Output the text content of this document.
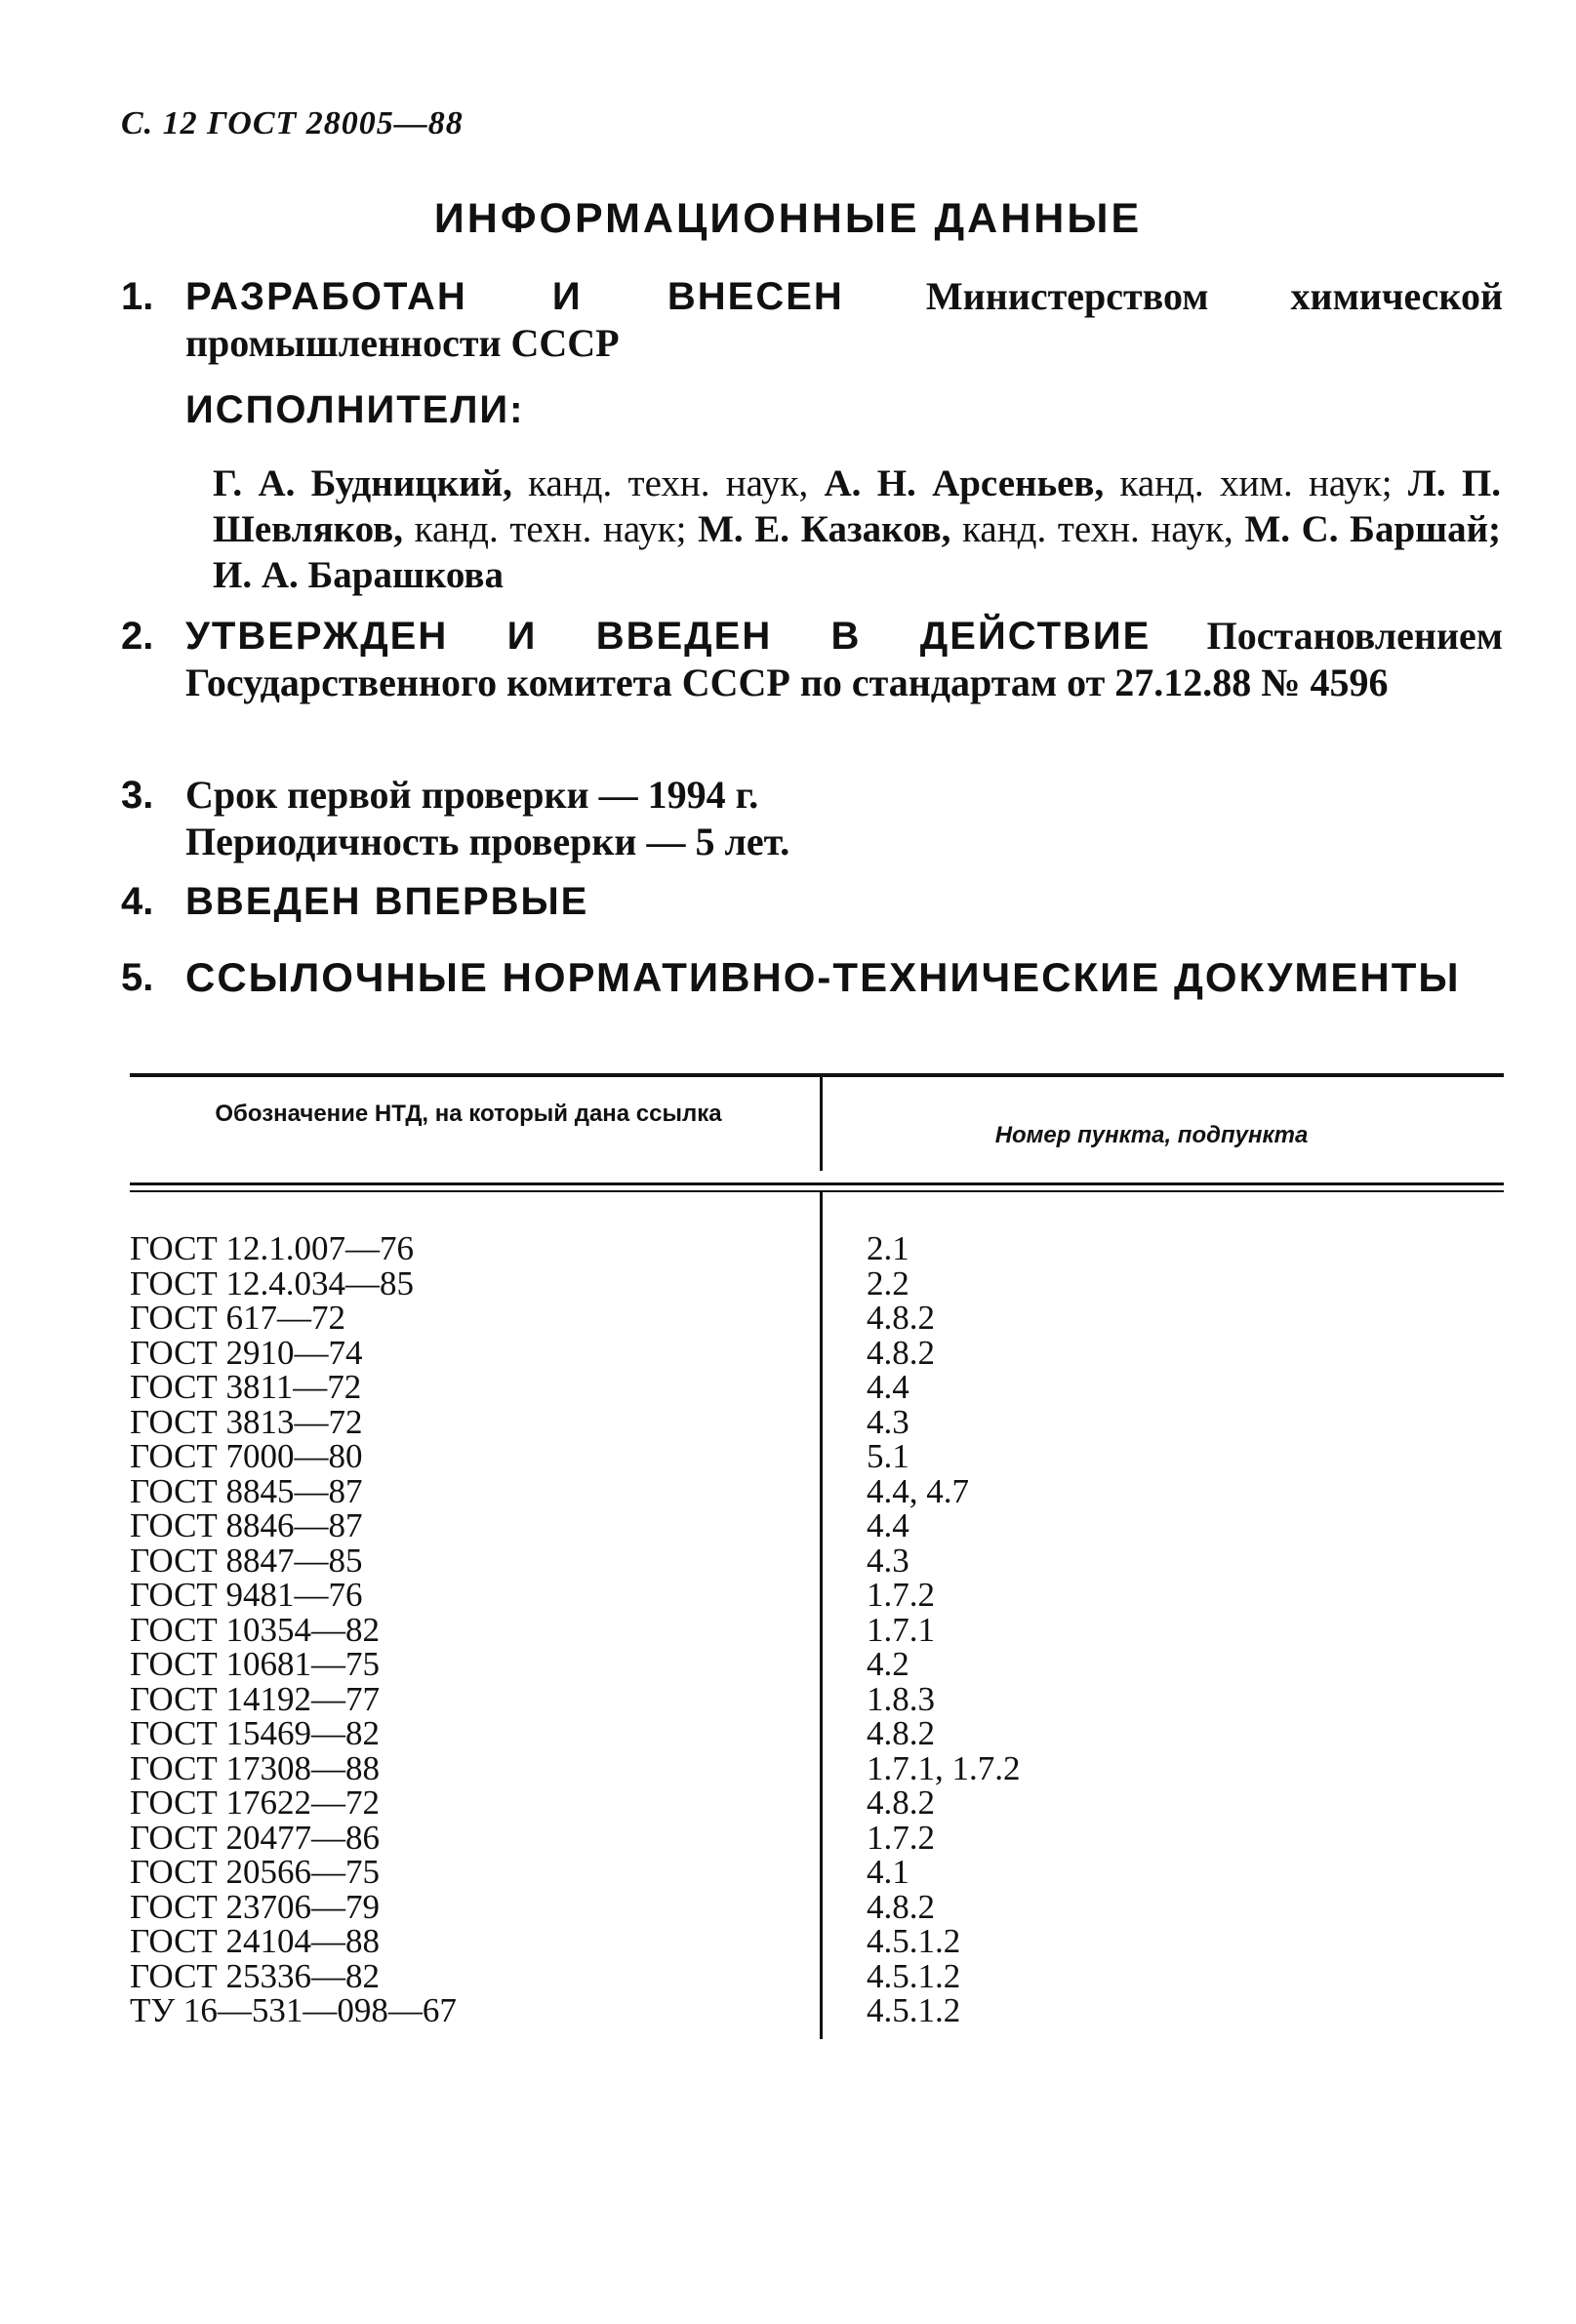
С. 12 ГОСТ 28005—88
ИНФОРМАЦИОННЫЕ ДАННЫЕ
1. РАЗРАБОТАН И ВНЕСЕН Министерством химической промышленности СССР
ИСПОЛНИТЕЛИ:
Г. А. Будницкий, канд. техн. наук, А. Н. Арсеньев, канд. хим. наук; Л. П. Шевляков, канд. техн. наук; М. Е. Казаков, канд. техн. наук, М. С. Баршай; И. А. Барашкова
2. УТВЕРЖДЕН И ВВЕДЕН В ДЕЙСТВИЕ Постановлением Государственного комитета СССР по стандартам от 27.12.88 № 4596
3. Срок первой проверки — 1994 г.
Периодичность проверки — 5 лет.
4. ВВЕДЕН ВПЕРВЫЕ
5. ССЫЛОЧНЫЕ НОРМАТИВНО-ТЕХНИЧЕСКИЕ ДОКУМЕНТЫ
Обозначение НТД, на который дана ссылка
Номер пункта, подпункта
ГОСТ 12.1.007—76	2.1
ГОСТ 12.4.034—85	2.2
ГОСТ 617—72	4.8.2
ГОСТ 2910—74	4.8.2
ГОСТ 3811—72	4.4
ГОСТ 3813—72	4.3
ГОСТ 7000—80	5.1
ГОСТ 8845—87	4.4, 4.7
ГОСТ 8846—87	4.4
ГОСТ 8847—85	4.3
ГОСТ 9481—76	1.7.2
ГОСТ 10354—82	1.7.1
ГОСТ 10681—75	4.2
ГОСТ 14192—77	1.8.3
ГОСТ 15469—82	4.8.2
ГОСТ 17308—88	1.7.1, 1.7.2
ГОСТ 17622—72	4.8.2
ГОСТ 20477—86	1.7.2
ГОСТ 20566—75	4.1
ГОСТ 23706—79	4.8.2
ГОСТ 24104—88	4.5.1.2
ГОСТ 25336—82	4.5.1.2
ТУ 16—531—098—67	4.5.1.2
